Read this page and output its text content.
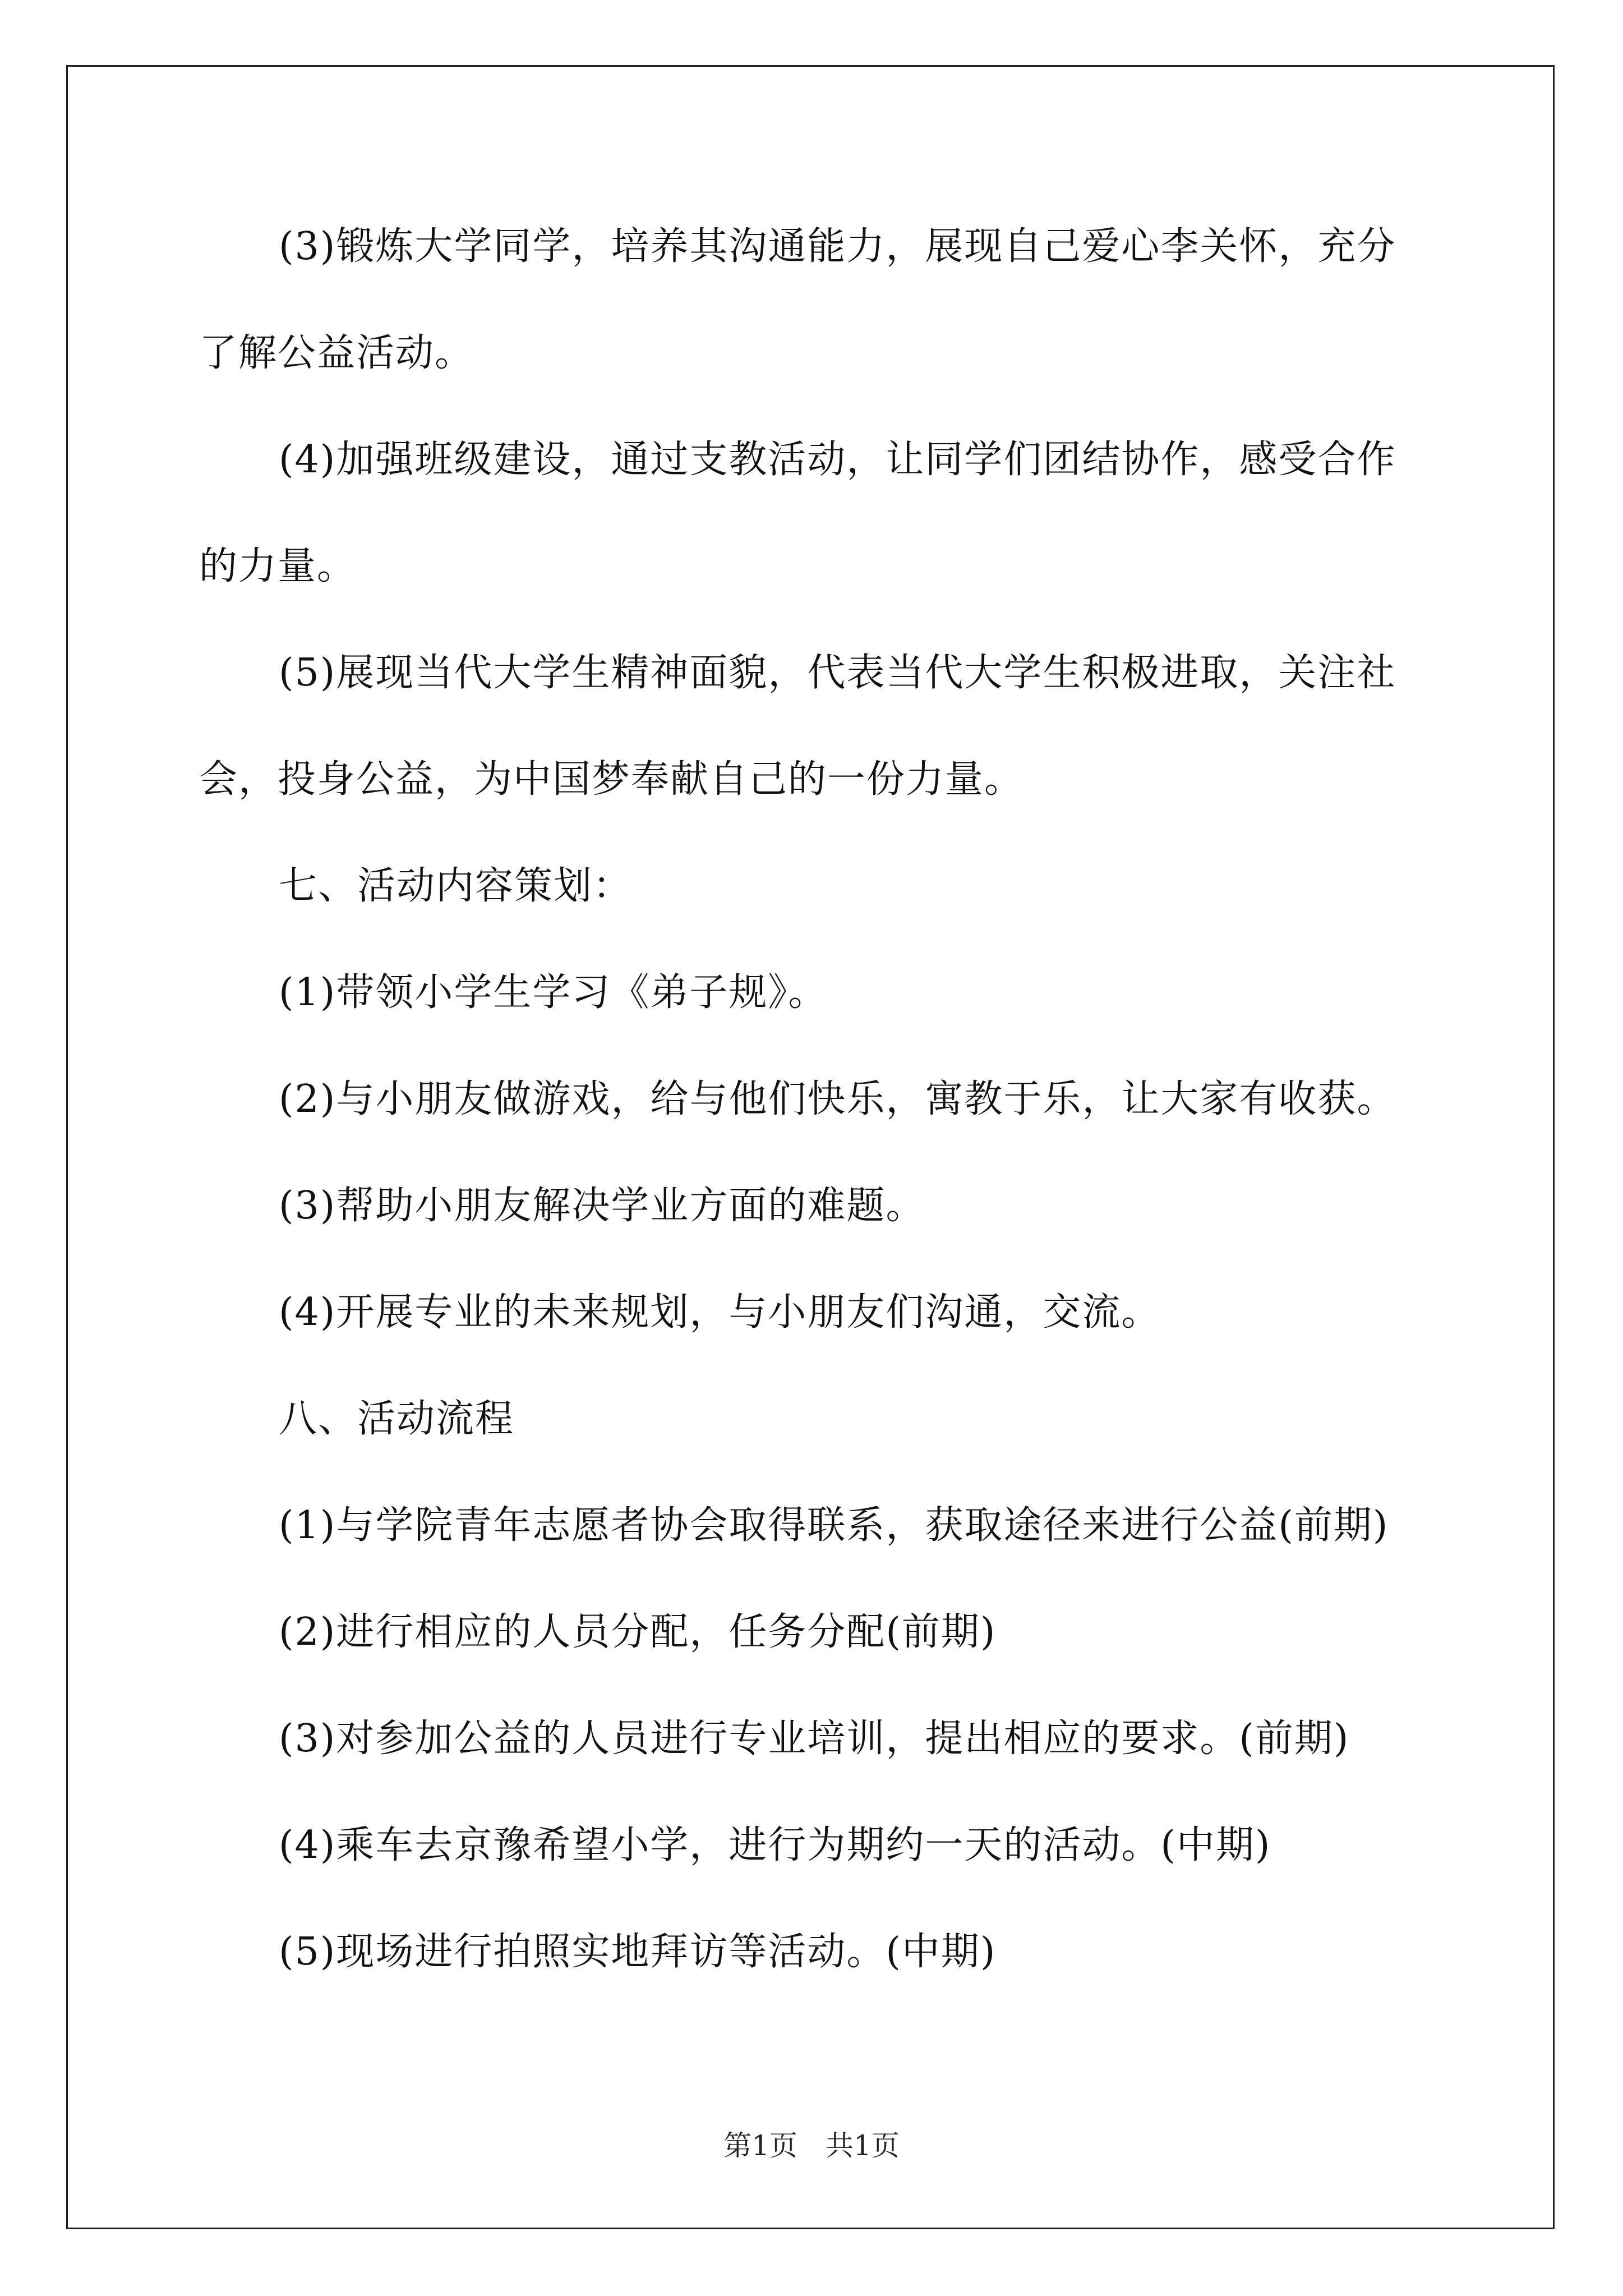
(3)锻炼大学同学，培养其沟通能力，展现自己爱心李关怀，充分
了解公益活动。

(4)加强班级建设，通过支教活动，让同学们团结协作，感受合作
的力量。

(5)展现当代大学生精神面貌，代表当代大学生积极进取，关注社
会，投身公益，为中国梦奉献自己的一份力量。

七、活动内容策划：

(1)带领小学生学习《弟子规》。

(2)与小朋友做游戏，给与他们快乐，寓教于乐，让大家有收获。

(3)帮助小朋友解决学业方面的难题。

(4)开展专业的未来规划，与小朋友们沟通，交流。

八、活动流程

(1)与学院青年志愿者协会取得联系，获取途径来进行公益(前期)

(2)进行相应的人员分配，任务分配(前期)

(3)对参加公益的人员进行专业培训，提出相应的要求。(前期)

(4)乘车去京豫希望小学，进行为期约一天的活动。(中期)

(5)现场进行拍照实地拜访等活动。(中期)

第1页　共1页
